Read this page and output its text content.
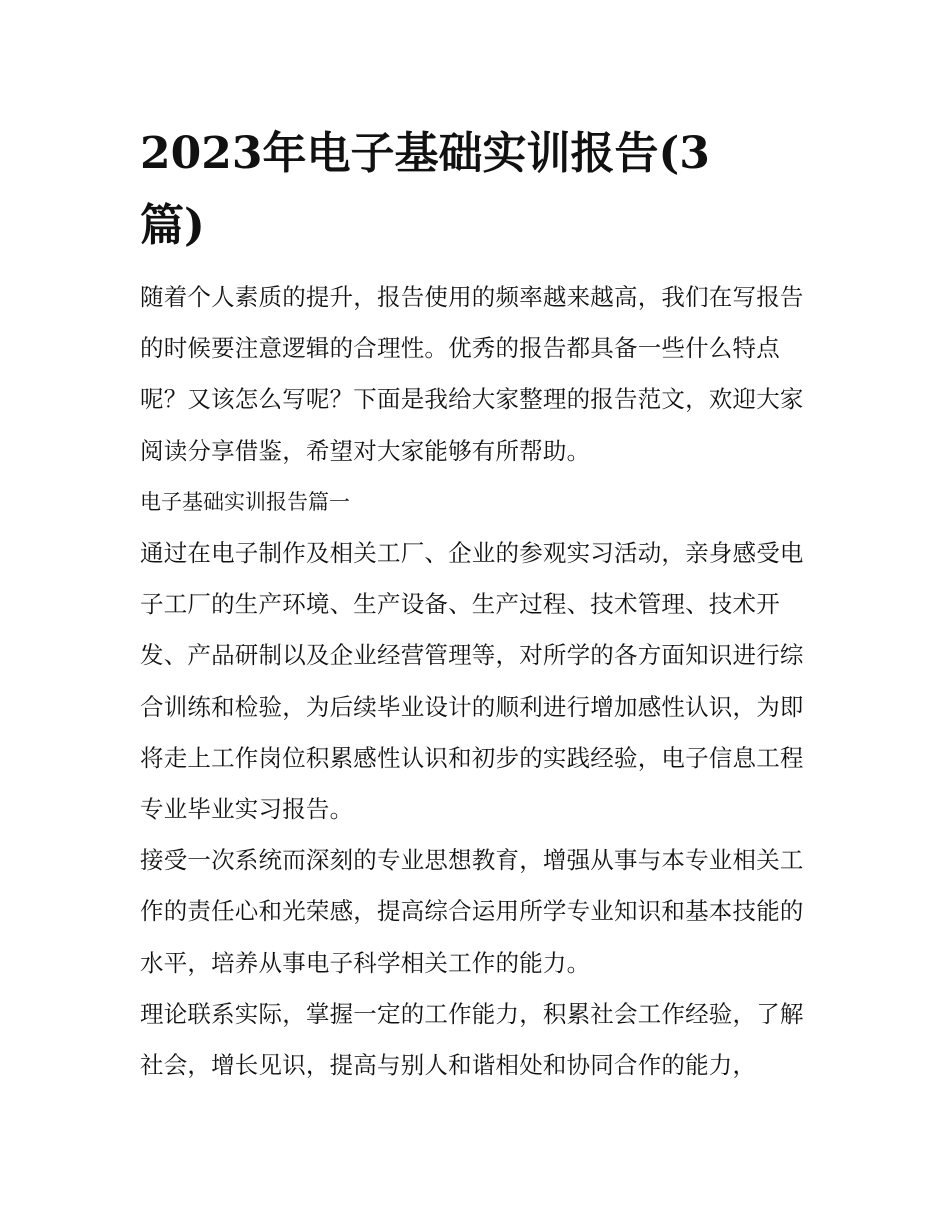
2023年电子基础实训报告(3篇)

随着个人素质的提升，报告使用的频率越来越高，我们在写报告的时候要注意逻辑的合理性。优秀的报告都具备一些什么特点呢？又该怎么写呢？下面是我给大家整理的报告范文，欢迎大家阅读分享借鉴，希望对大家能够有所帮助。

电子基础实训报告篇一

通过在电子制作及相关工厂、企业的参观实习活动，亲身感受电子工厂的生产环境、生产设备、生产过程、技术管理、技术开发、产品研制以及企业经营管理等，对所学的各方面知识进行综合训练和检验，为后续毕业设计的顺利进行增加感性认识，为即将走上工作岗位积累感性认识和初步的实践经验，电子信息工程专业毕业实习报告。

接受一次系统而深刻的专业思想教育，增强从事与本专业相关工作的责任心和光荣感，提高综合运用所学专业知识和基本技能的水平，培养从事电子科学相关工作的能力。

理论联系实际，掌握一定的工作能力，积累社会工作经验，了解社会，增长见识，提高与别人和谐相处和协同合作的能力，
